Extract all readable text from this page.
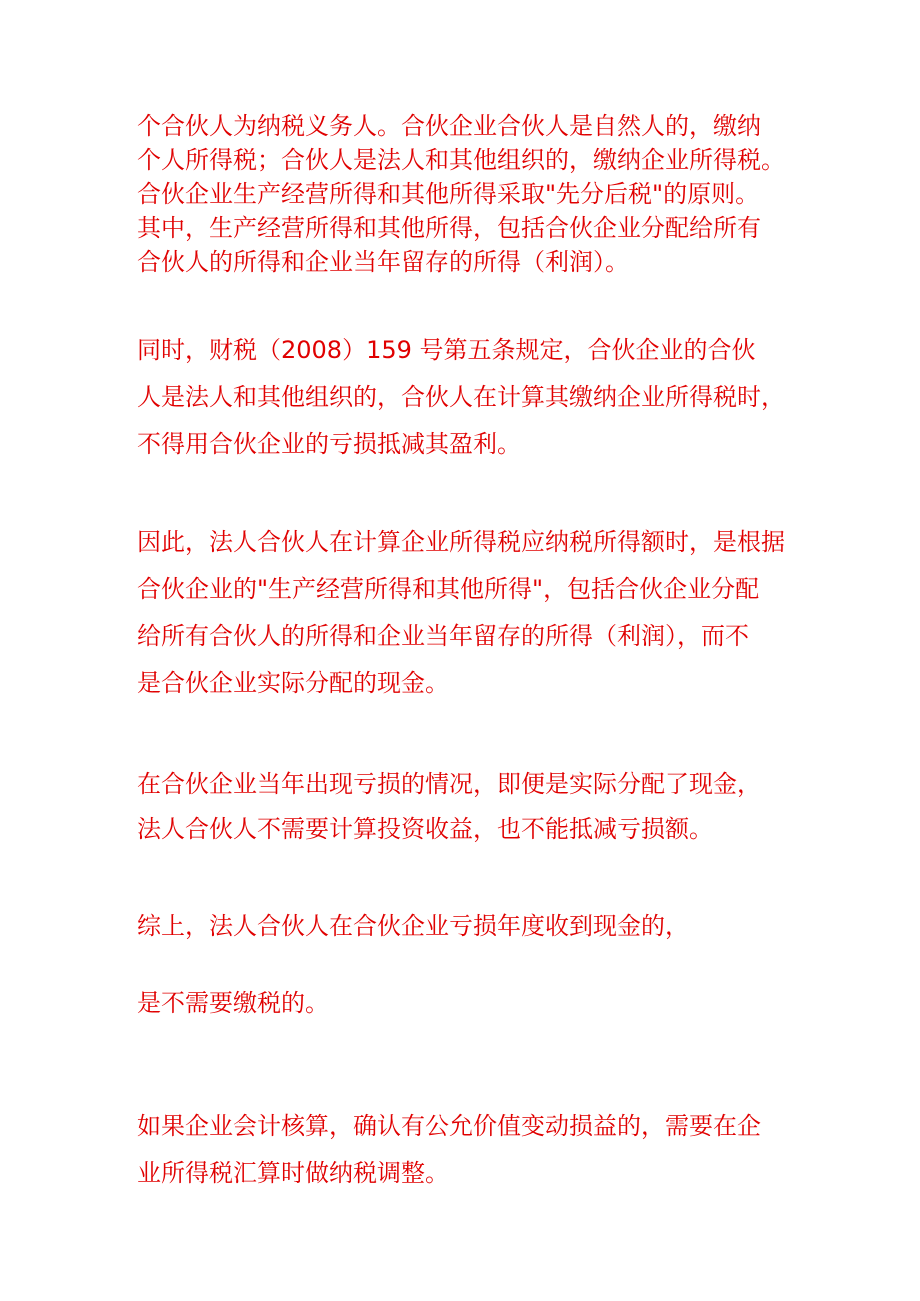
个合伙人为纳税义务人。合伙企业合伙人是自然人的，缴纳
个人所得税；合伙人是法人和其他组织的，缴纳企业所得税。
合伙企业生产经营所得和其他所得采取"先分后税"的原则。
其中，生产经营所得和其他所得，包括合伙企业分配给所有
合伙人的所得和企业当年留存的所得（利润）。

同时，财税（2008）159 号第五条规定，合伙企业的合伙
人是法人和其他组织的，合伙人在计算其缴纳企业所得税时，
不得用合伙企业的亏损抵减其盈利。

因此，法人合伙人在计算企业所得税应纳税所得额时，是根据
合伙企业的"生产经营所得和其他所得"，包括合伙企业分配
给所有合伙人的所得和企业当年留存的所得（利润），而不
是合伙企业实际分配的现金。

在合伙企业当年出现亏损的情况，即便是实际分配了现金，
法人合伙人不需要计算投资收益，也不能抵减亏损额。

综上，法人合伙人在合伙企业亏损年度收到现金的，

是不需要缴税的。

如果企业会计核算，确认有公允价值变动损益的，需要在企
业所得税汇算时做纳税调整。
